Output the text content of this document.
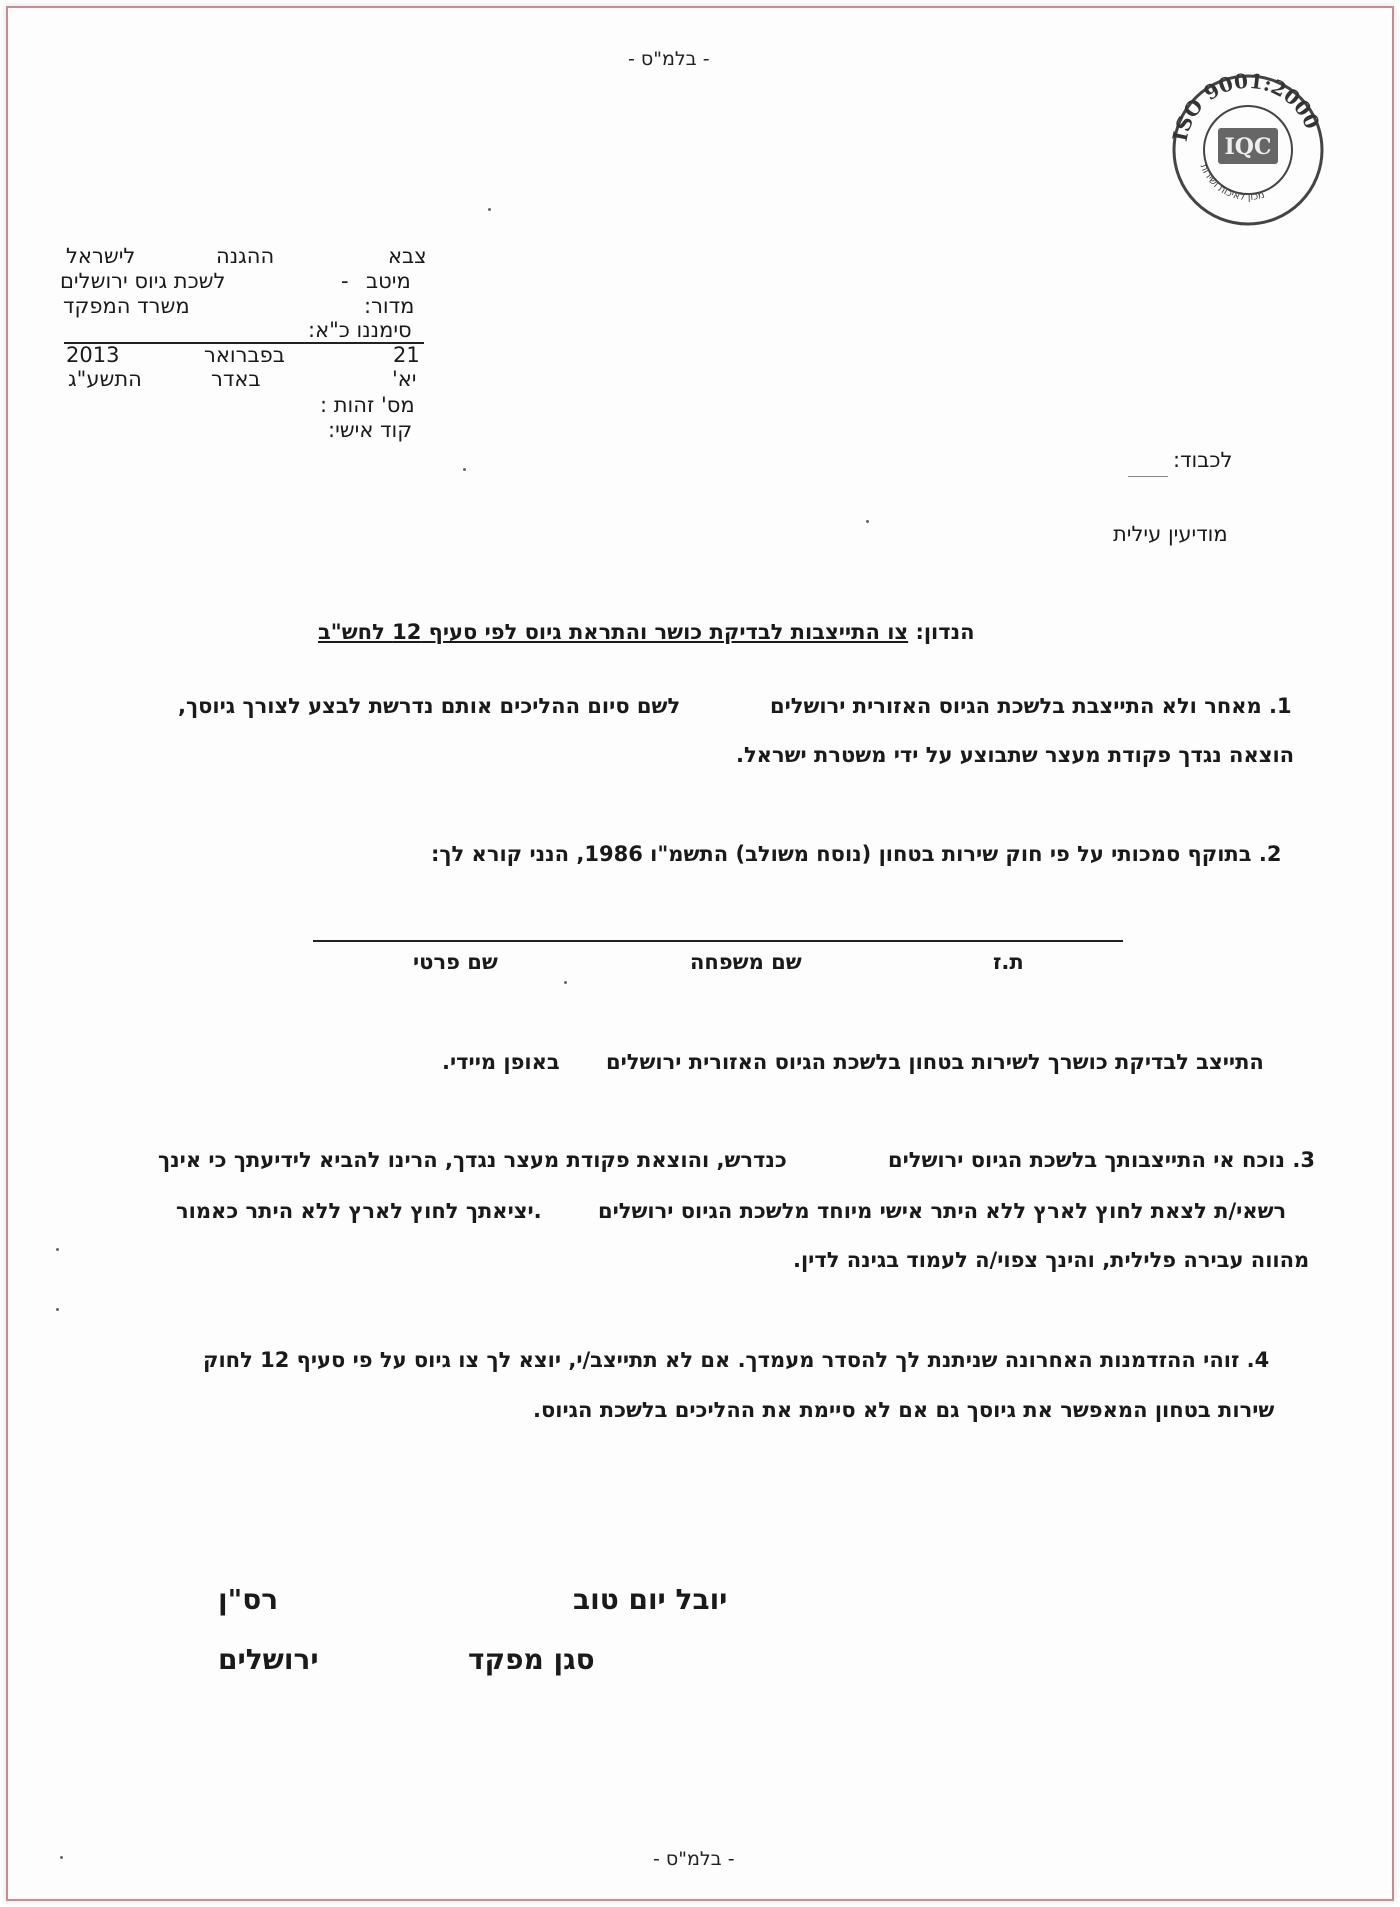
- בלמ"ס -
ISO 9001:2000
IQC
מכון לאיכות ושירות
צבא
ההגנה
לישראל
מיטב
-
לשכת גיוס ירושלים
מדור:
משרד המפקד
סימננו כ"א:
21
בפברואר
2013
יא'
באדר
התשע"ג
מס' זהות :
קוד אישי:
לכבוד:
מודיעין עילית
הנדון: צו התייצבות לבדיקת כושר והתראת גיוס לפי סעיף 12 לחש"ב
1. מאחר ולא התייצבת בלשכת הגיוס האזורית ירושלים
לשם סיום ההליכים אותם נדרשת לבצע לצורך גיוסך,
הוצאה נגדך פקודת מעצר שתבוצע על ידי משטרת ישראל.
2. בתוקף סמכותי על פי חוק שירות בטחון (נוסח משולב) התשמ"ו 1986, הנני קורא לך:
ת.ז
שם משפחה
שם פרטי
התייצב לבדיקת כושרך לשירות בטחון בלשכת הגיוס האזורית ירושלים
באופן מיידי.
3. נוכח אי התייצבותך בלשכת הגיוס ירושלים
כנדרש, והוצאת פקודת מעצר נגדך, הרינו להביא לידיעתך כי אינך
רשאי/ת לצאת לחוץ לארץ ללא היתר אישי מיוחד מלשכת הגיוס ירושלים
.יציאתך לחוץ לארץ ללא היתר כאמור
מהווה עבירה פלילית, והינך צפוי/ה לעמוד בגינה לדין.
4. זוהי ההזדמנות האחרונה שניתנת לך להסדר מעמדך. אם לא תתייצב/י, יוצא לך צו גיוס על פי סעיף 12 לחוק
שירות בטחון המאפשר את גיוסך גם אם לא סיימת את ההליכים בלשכת הגיוס.
יובל יום טוב
רס"ן
סגן מפקד
ירושלים
- בלמ"ס -
